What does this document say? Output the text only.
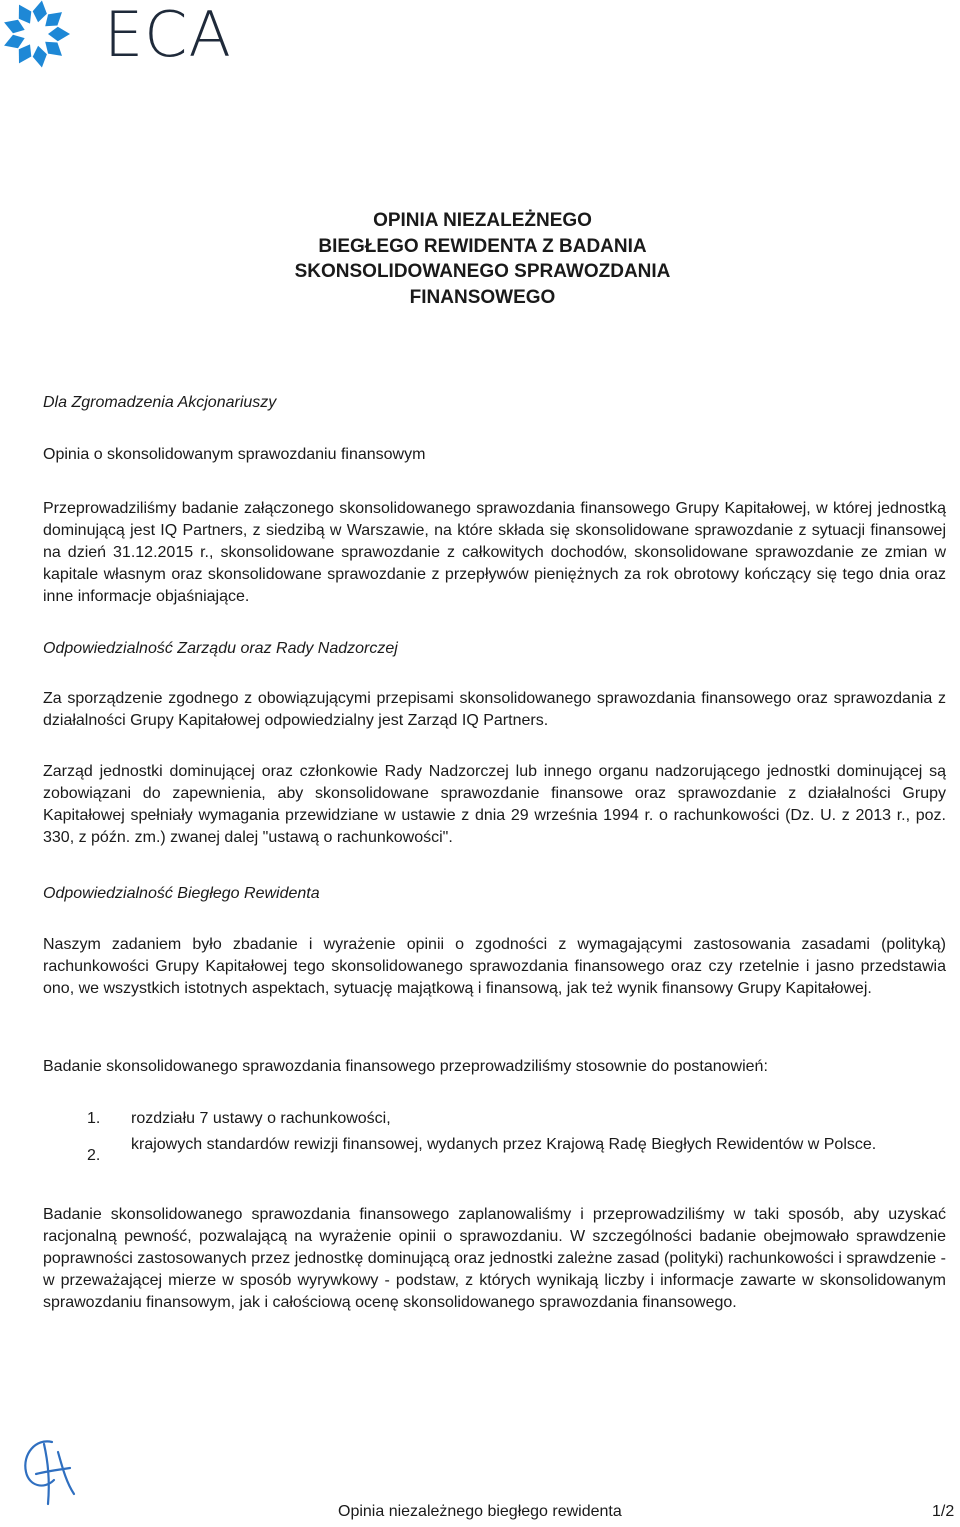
ECA
OPINIA NIEZALEŻNEGO
BIEGŁEGO REWIDENTA Z BADANIA
SKONSOLIDOWANEGO SPRAWOZDANIA
FINANSOWEGO
Dla Zgromadzenia Akcjonariuszy
Opinia o skonsolidowanym sprawozdaniu finansowym
Przeprowadziliśmy badanie załączonego skonsolidowanego sprawozdania finansowego Grupy Kapitałowej, w której jednostką dominującą jest IQ Partners, z siedzibą w Warszawie, na które składa się skonsolidowane sprawozdanie z sytuacji finansowej na dzień 31.12.2015 r., skonsolidowane sprawozdanie z całkowitych dochodów, skonsolidowane sprawozdanie ze zmian w kapitale własnym oraz skonsolidowane sprawozdanie z przepływów pieniężnych za rok obrotowy kończący się tego dnia oraz inne informacje objaśniające.
Odpowiedzialność Zarządu oraz Rady Nadzorczej
Za sporządzenie zgodnego z obowiązującymi przepisami skonsolidowanego sprawozdania finansowego oraz sprawozdania z działalności Grupy Kapitałowej odpowiedzialny jest Zarząd IQ Partners.
Zarząd jednostki dominującej oraz członkowie Rady Nadzorczej lub innego organu nadzorującego jednostki dominującej są zobowiązani do zapewnienia, aby skonsolidowane sprawozdanie finansowe oraz sprawozdanie z działalności Grupy Kapitałowej spełniały wymagania przewidziane w ustawie z dnia 29 września 1994 r. o rachunkowości (Dz. U. z 2013 r., poz. 330, z późn. zm.) zwanej dalej "ustawą o rachunkowości".
Odpowiedzialność Biegłego Rewidenta
Naszym zadaniem było zbadanie i wyrażenie opinii o zgodności z wymagającymi zastosowania zasadami (polityką) rachunkowości Grupy Kapitałowej tego skonsolidowanego sprawozdania finansowego oraz czy rzetelnie i jasno przedstawia ono, we wszystkich istotnych aspektach, sytuację majątkową i finansową, jak też wynik finansowy Grupy Kapitałowej.
Badanie skonsolidowanego sprawozdania finansowego przeprowadziliśmy stosownie do postanowień:
1. rozdziału 7 ustawy o rachunkowości,
2.
krajowych standardów rewizji finansowej, wydanych przez Krajową Radę Biegłych Rewidentów w Polsce.
Badanie skonsolidowanego sprawozdania finansowego zaplanowaliśmy i przeprowadziliśmy w taki sposób, aby uzyskać racjonalną pewność, pozwalającą na wyrażenie opinii o sprawozdaniu. W szczególności badanie obejmowało sprawdzenie poprawności zastosowanych przez jednostkę dominującą oraz jednostki zależne zasad (polityki) rachunkowości i sprawdzenie - w przeważającej mierze w sposób wyrywkowy - podstaw, z których wynikają liczby i informacje zawarte w skonsolidowanym sprawozdaniu finansowym, jak i całościową ocenę skonsolidowanego sprawozdania finansowego.
Opinia niezależnego biegłego rewidenta	1/2
